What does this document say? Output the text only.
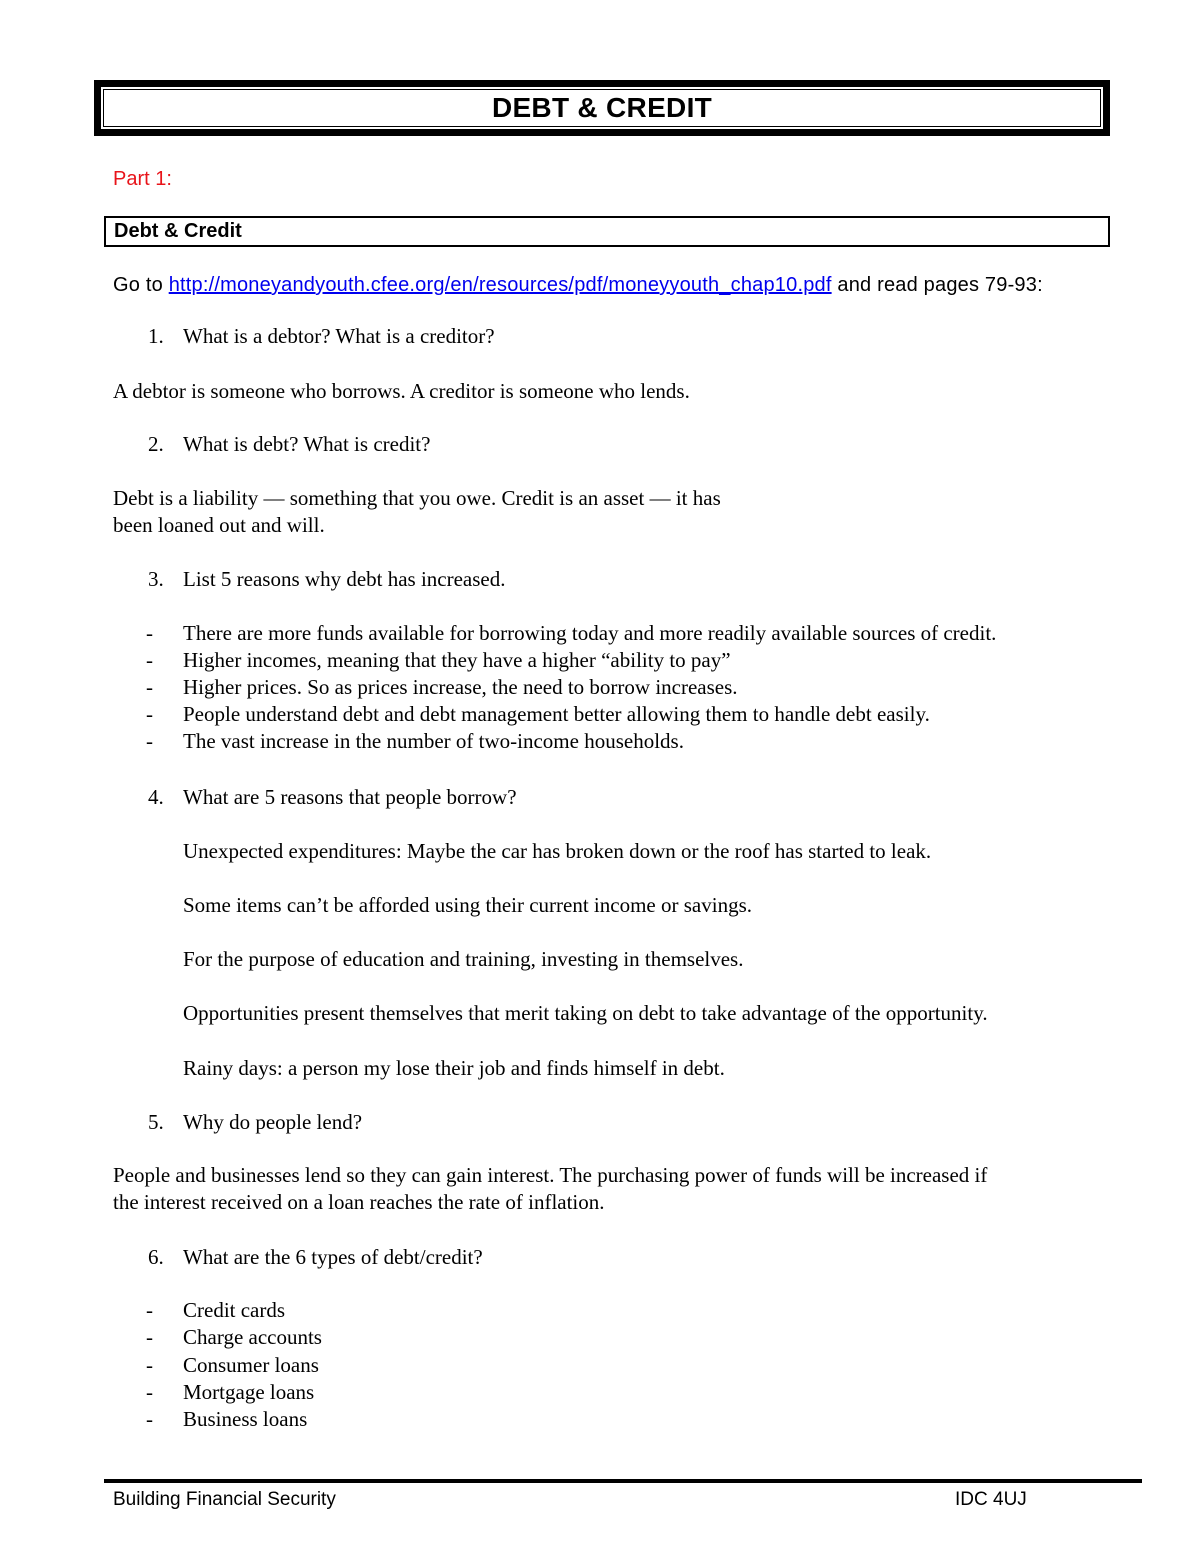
DEBT & CREDIT
Part 1:
Debt & Credit
Go to http://moneyandyouth.cfee.org/en/resources/pdf/moneyyouth_chap10.pdf and read pages 79-93:
1. What is a debtor? What is a creditor?
A debtor is someone who borrows. A creditor is someone who lends.
2. What is debt? What is credit?
Debt is a liability — something that you owe. Credit is an asset — it has
been loaned out and will.
3. List 5 reasons why debt has increased.
- There are more funds available for borrowing today and more readily available sources of credit.
- Higher incomes, meaning that they have a higher “ability to pay”
- Higher prices. So as prices increase, the need to borrow increases.
- People understand debt and debt management better allowing them to handle debt easily.
- The vast increase in the number of two-income households.
4. What are 5 reasons that people borrow?
Unexpected expenditures: Maybe the car has broken down or the roof has started to leak.
Some items can’t be afforded using their current income or savings.
For the purpose of education and training, investing in themselves.
Opportunities present themselves that merit taking on debt to take advantage of the opportunity.
Rainy days: a person my lose their job and finds himself in debt.
5. Why do people lend?
People and businesses lend so they can gain interest. The purchasing power of funds will be increased if
the interest received on a loan reaches the rate of inflation.
6. What are the 6 types of debt/credit?
- Credit cards
- Charge accounts
- Consumer loans
- Mortgage loans
- Business loans
Building Financial Security	IDC 4UJ
